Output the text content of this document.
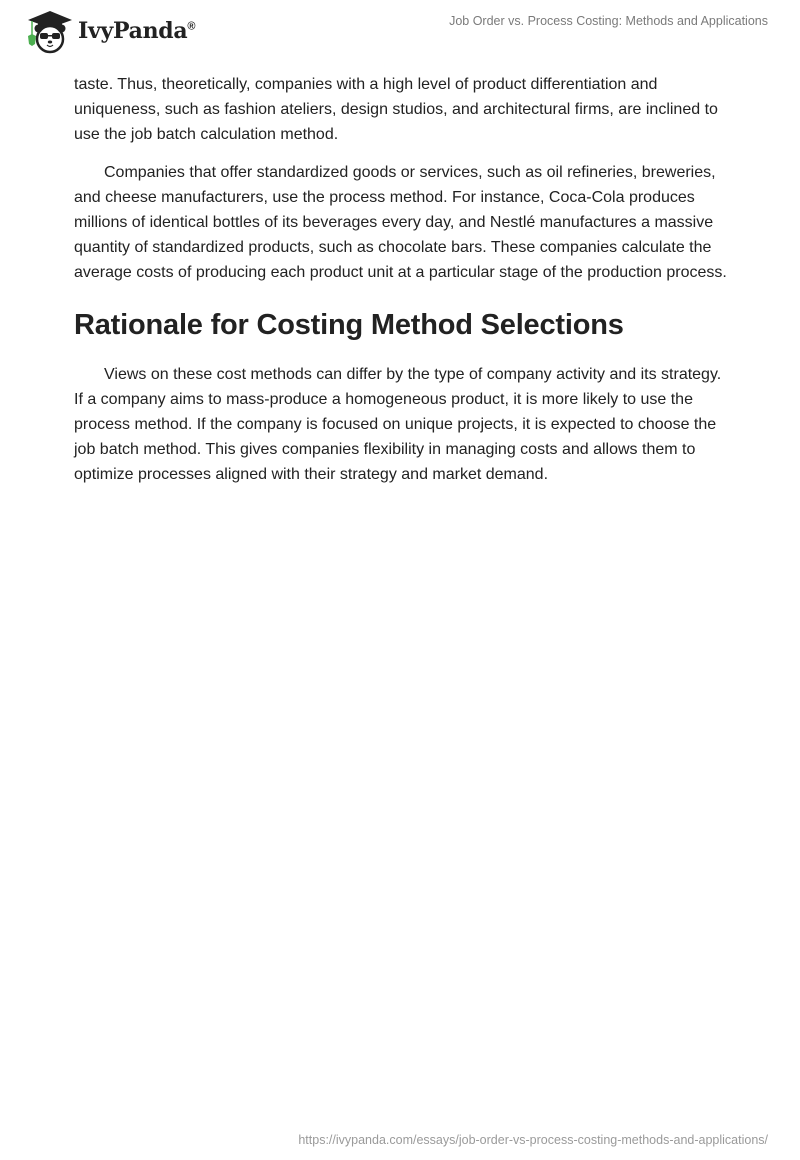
IvyPanda®	Job Order vs. Process Costing: Methods and Applications

taste. Thus, theoretically, companies with a high level of product differentiation and uniqueness, such as fashion ateliers, design studios, and architectural firms, are inclined to use the job batch calculation method.

Companies that offer standardized goods or services, such as oil refineries, breweries, and cheese manufacturers, use the process method. For instance, Coca-Cola produces millions of identical bottles of its beverages every day, and Nestlé manufactures a massive quantity of standardized products, such as chocolate bars. These companies calculate the average costs of producing each product unit at a particular stage of the production process.

Rationale for Costing Method Selections

Views on these cost methods can differ by the type of company activity and its strategy. If a company aims to mass-produce a homogeneous product, it is more likely to use the process method. If the company is focused on unique projects, it is expected to choose the job batch method. This gives companies flexibility in managing costs and allows them to optimize processes aligned with their strategy and market demand.

https://ivypanda.com/essays/job-order-vs-process-costing-methods-and-applications/
